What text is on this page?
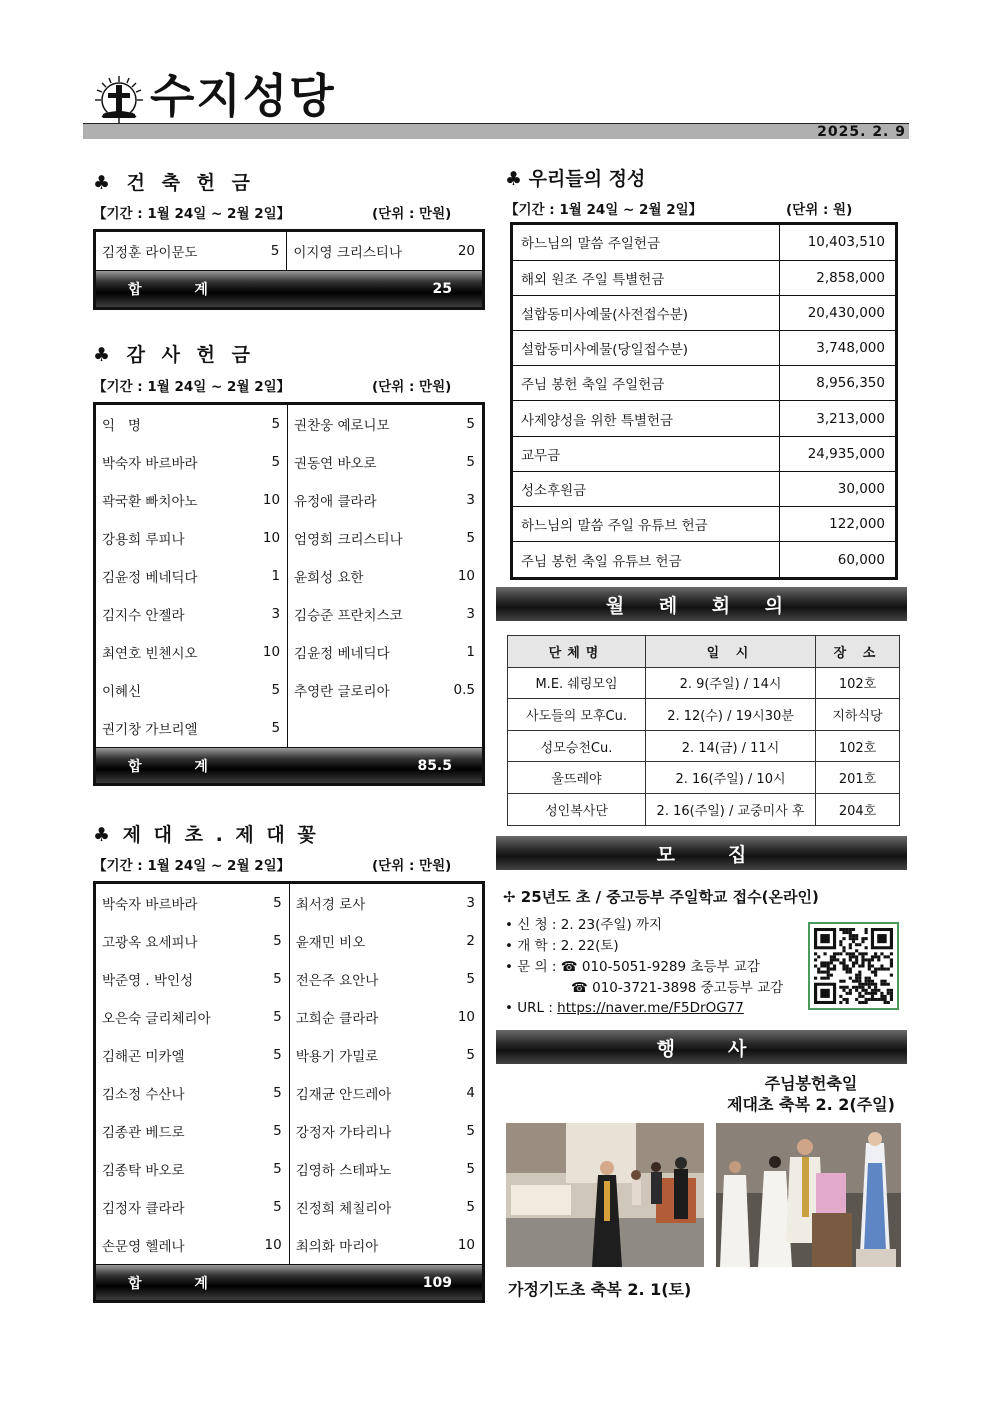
수지성당
2025. 2. 9
♣ 건 축 헌 금
【기간 : 1월 24일 ~ 2월 2일】	(단위 : 만원)
김정훈 라이문도	5	이지영 크리스티나	20
합 계	25
♣ 감 사 헌 금
【기간 : 1월 24일 ~ 2월 2일】	(단위 : 만원)
익   명	5	권찬웅 예로니모	5
박숙자 바르바라	5	권동연 바오로	5
곽국환 빠치아노	10	유정애 클라라	3
강용희 루피나	10	엄영희 크리스티나	5
김윤정 베네딕다	1	윤희성 요한	10
김지수 안젤라	3	김승준 프란치스코	3
최연호 빈첸시오	10	김윤정 베네딕다	1
이혜신	5	추영란 글로리아	0.5
권기창 가브리엘	5		
합 계	85.5
♣ 제 대 초 . 제 대 꽃
【기간 : 1월 24일 ~ 2월 2일】	(단위 : 만원)
박숙자 바르바라	5	최서경 로사	3
고광옥 요세피나	5	윤재민 비오	2
박준영 . 박인성	5	전은주 요안나	5
오은숙 글리체리아	5	고희순 클라라	10
김해곤 미카엘	5	박용기 가밀로	5
김소정 수산나	5	김재균 안드레아	4
김종관 베드로	5	강정자 가타리나	5
김종탁 바오로	5	김영하 스테파노	5
김정자 클라라	5	진정희 체칠리아	5
손문영 헬레나	10	최의화 마리아	10
합 계	109
♣ 우리들의 정성
【기간 : 1월 24일 ~ 2월 2일】	(단위 : 원)
하느님의 말씀 주일헌금	10,403,510
해외 원조 주일 특별헌금	2,858,000
설합동미사예물(사전접수분)	20,430,000
설합동미사예물(당일접수분)	3,748,000
주님 봉헌 축일 주일헌금	8,956,350
사제양성을 위한 특별헌금	3,213,000
교무금	24,935,000
성소후원금	30,000
하느님의 말씀 주일 유튜브 헌금	122,000
주님 봉헌 축일 유튜브 헌금	60,000
월 례 회 의
단체명	일 시	장 소
M.E. 쉐링모임	2. 9(주일) / 14시	102호
사도들의 모후Cu.	2. 12(수) / 19시30분	지하식당
성모승천Cu.	2. 14(금) / 11시	102호
울뜨레야	2. 16(주일) / 10시	201호
성인복사단	2. 16(주일) / 교중미사 후	204호
모        집
✢ 25년도 초 / 중고등부 주일학교 접수(온라인)
• 신 청 : 2. 23(주일) 까지
• 개 학 : 2. 22(토)
• 문 의 : ☎ 010-5051-9289 초등부 교감
☎ 010-3721-3898 중고등부 교감
• URL : https://naver.me/F5DrOG77
행        사
주님봉헌축일
제대초 축복 2. 2(주일)
가정기도초 축복 2. 1(토)
